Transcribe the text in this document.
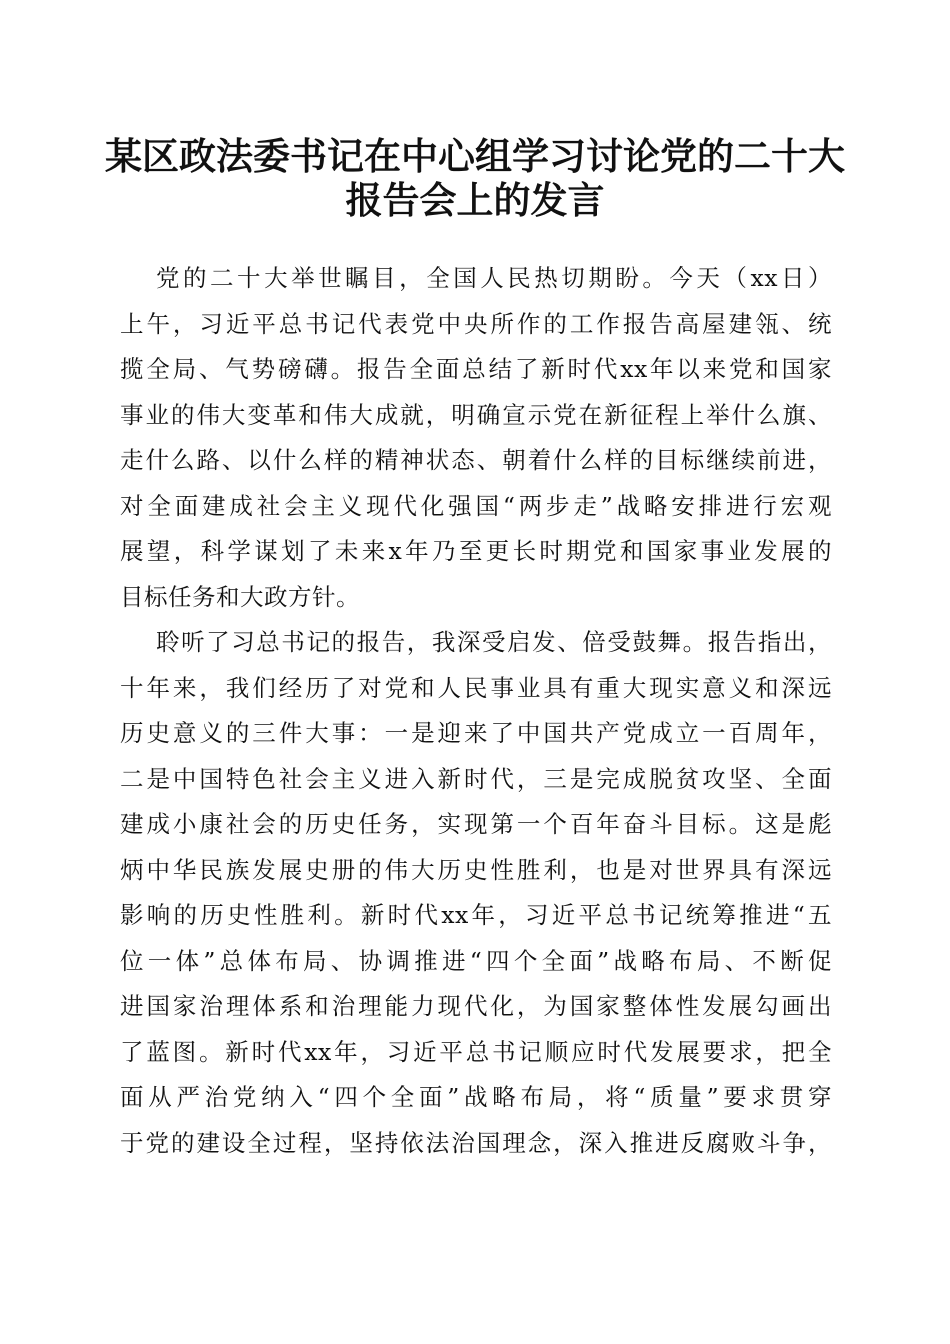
某区政法委书记在中心组学习讨论党的二十大
报告会上的发言
党的二十大举世瞩目，全国人民热切期盼。今天（xx日）
上午，习近平总书记代表党中央所作的工作报告高屋建瓴、统
揽全局、气势磅礴。报告全面总结了新时代xx年以来党和国家
事业的伟大变革和伟大成就，明确宣示党在新征程上举什么旗、
走什么路、以什么样的精神状态、朝着什么样的目标继续前进，
对全面建成社会主义现代化强国“两步走”战略安排进行宏观
展望，科学谋划了未来x年乃至更长时期党和国家事业发展的
目标任务和大政方针。
聆听了习总书记的报告，我深受启发、倍受鼓舞。报告指出，
十年来，我们经历了对党和人民事业具有重大现实意义和深远
历史意义的三件大事：一是迎来了中国共产党成立一百周年，
二是中国特色社会主义进入新时代，三是完成脱贫攻坚、全面
建成小康社会的历史任务，实现第一个百年奋斗目标。这是彪
炳中华民族发展史册的伟大历史性胜利，也是对世界具有深远
影响的历史性胜利。新时代xx年，习近平总书记统筹推进“五
位一体”总体布局、协调推进“四个全面”战略布局、不断促
进国家治理体系和治理能力现代化，为国家整体性发展勾画出
了蓝图。新时代xx年，习近平总书记顺应时代发展要求，把全
面从严治党纳入“四个全面”战略布局，将“质量”要求贯穿
于党的建设全过程，坚持依法治国理念，深入推进反腐败斗争，
